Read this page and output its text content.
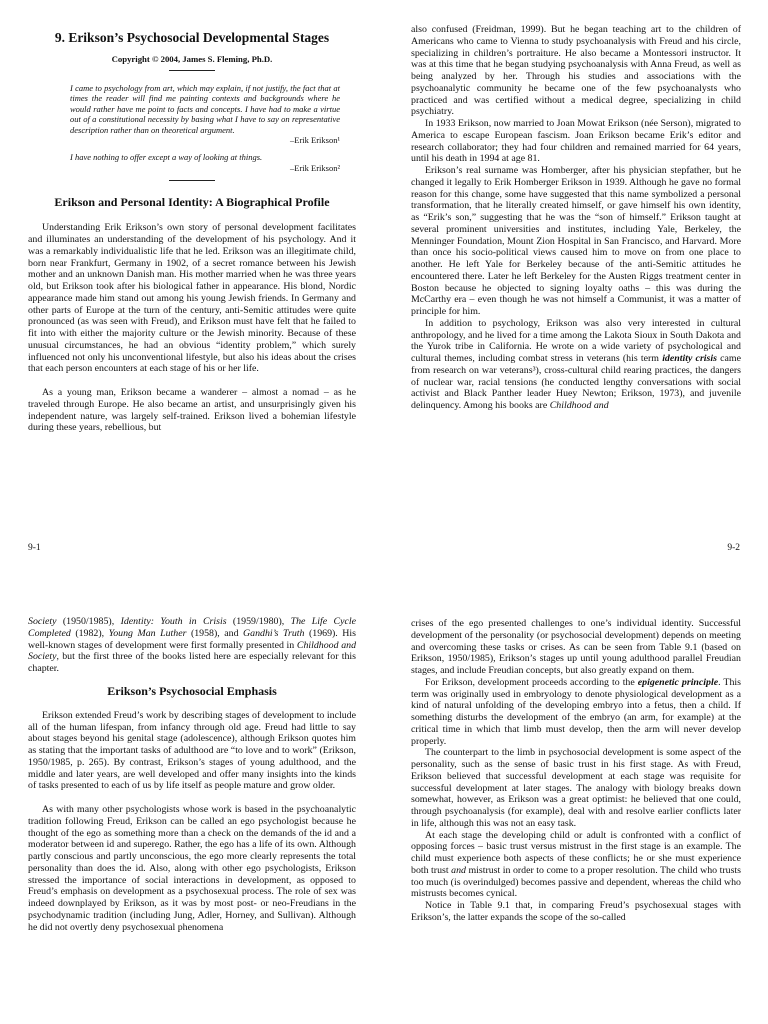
9. Erikson’s Psychosocial Developmental Stages
Copyright © 2004, James S. Fleming, Ph.D.

I came to psychology from art, which may explain, if not justify, the fact that at times the reader will find me painting contexts and backgrounds where he would rather have me point to facts and concepts. I have had to make a virtue out of a constitutional necessity by basing what I have to say on representative description rather than on theoretical argument.

–Erik Erikson¹

I have nothing to offer except a way of looking at things.

–Erik Erikson²
Erikson and Personal Identity: A Biographical Profile

Understanding Erik Erikson’s own story of personal development facilitates and illuminates an understanding of the development of his psychology. And it was a remarkably individualistic life that he led. Erikson was an illegitimate child, born near Frankfurt, Germany in 1902, of a secret romance between his Jewish mother and an unknown Danish man. His mother married when he was three years old, but Erikson took after his biological father in appearance. His blond, Nordic appearance made him stand out among his young Jewish friends. In Germany and other parts of Europe at the turn of the century, anti-Semitic attitudes were quite pronounced (as was seen with Freud), and Erikson must have felt that he failed to fit into with either the majority culture or the Jewish minority. Because of these unusual circumstances, he had an obvious “identity problem,” which surely influenced not only his unconventional lifestyle, but also his ideas about the crises that each person encounters at each stage of his or her life.

As a young man, Erikson became a wanderer – almost a nomad – as he traveled through Europe. He also became an artist, and unsurprisingly given his independent nature, was largely self-trained. Erikson lived a bohemian lifestyle during these years, rebellious, but

9-1

also confused (Freidman, 1999). But he began teaching art to the children of Americans who came to Vienna to study psychoanalysis with Freud and his circle, specializing in children’s portraiture. He also became a Montessori instructor. It was at this time that he began studying psychoanalysis with Anna Freud, as well as being analyzed by her. Through his studies and associations with the psychoanalytic community he became one of the few psychoanalysts who practiced and was certified without a medical degree, specializing in child psychiatry.

In 1933 Erikson, now married to Joan Mowat Erikson (née Serson), migrated to America to escape European fascism. Joan Erikson became Erik’s editor and research collaborator; they had four children and remained married for 64 years, until his death in 1994 at age 81.

Erikson’s real surname was Homberger, after his physician stepfather, but he changed it legally to Erik Homberger Erikson in 1939. Although he gave no formal reason for this change, some have suggested that this name symbolized a personal transformation, that he literally created himself, or gave himself his own identity, as “Erik’s son,” suggesting that he was the “son of himself.” Erikson taught at several prominent universities and institutes, including Yale, Berkeley, the Menninger Foundation, Mount Zion Hospital in San Francisco, and Harvard. More than once his socio-political views caused him to move on from one place to another. He left Yale for Berkeley because of the anti-Semitic attitudes he encountered there. Later he left Berkeley for the Austen Riggs treatment center in Boston because he objected to signing loyalty oaths – this was during the McCarthy era – even though he was not himself a Communist, it was a matter of principle for him.

In addition to psychology, Erikson was also very interested in cultural anthropology, and he lived for a time among the Lakota Sioux in South Dakota and the Yurok tribe in California. He wrote on a wide variety of psychological and cultural themes, including combat stress in veterans (his term identity crisis came from research on war veterans³), cross-cultural child rearing practices, the dangers of nuclear war, racial tensions (he conducted lengthy conversations with social activist and Black Panther leader Huey Newton; Erikson, 1973), and juvenile delinquency. Among his books are Childhood and

9-2

Society (1950/1985), Identity: Youth in Crisis (1959/1980), The Life Cycle Completed (1982), Young Man Luther (1958), and Gandhi’s Truth (1969). His well-known stages of development were first formally presented in Childhood and Society, but the first three of the books listed here are especially relevant for this chapter.

Erikson’s Psychosocial Emphasis

Erikson extended Freud’s work by describing stages of development to include all of the human lifespan, from infancy through old age. Freud had little to say about stages beyond his genital stage (adolescence), although Erikson quotes him as stating that the important tasks of adulthood are “to love and to work” (Erikson, 1950/1985, p. 265). By contrast, Erikson’s stages of young adulthood, and the middle and later years, are well developed and offer many insights into the kinds of tasks presented to each of us by life itself as people mature and grow older.

As with many other psychologists whose work is based in the psychoanalytic tradition following Freud, Erikson can be called an ego psychologist because he thought of the ego as something more than a check on the demands of the id and a moderator between id and superego. Rather, the ego has a life of its own. Although partly conscious and partly unconscious, the ego more clearly represents the total personality than does the id. Also, along with other ego psychologists, Erikson stressed the importance of social interactions in development, as opposed to Freud’s emphasis on development as a psychosexual process. The role of sex was indeed downplayed by Erikson, as it was by most post- or neo-Freudians in the psychodynamic tradition (including Jung, Adler, Horney, and Sullivan). Although he did not overtly deny psychosexual phenomena

crises of the ego presented challenges to one’s individual identity. Successful development of the personality (or psychosocial development) depends on meeting and overcoming these tasks or crises. As can be seen from Table 9.1 (based on Erikson, 1950/1985), Erikson’s stages up until young adulthood parallel Freudian stages, and include Freudian concepts, but also greatly expand on them.

For Erikson, development proceeds according to the epigenetic principle. This term was originally used in embryology to denote physiological development as a kind of natural unfolding of the developing embryo into a fetus, then a child. If something disturbs the development of the embryo (an arm, for example) at the critical time in which that limb must develop, then the arm will never develop properly.

The counterpart to the limb in psychosocial development is some aspect of the personality, such as the sense of basic trust in his first stage. As with Freud, Erikson believed that successful development at each stage was requisite for successful development at later stages. The analogy with biology breaks down somewhat, however, as Erikson was a great optimist: he believed that one could, through psychoanalysis (for example), deal with and resolve earlier conflicts later in life, although this was not an easy task.

At each stage the developing child or adult is confronted with a conflict of opposing forces – basic trust versus mistrust in the first stage is an example. The child must experience both aspects of these conflicts; he or she must experience both trust and mistrust in order to come to a proper resolution. The child who trusts too much (is overindulged) becomes passive and dependent, whereas the child who mistrusts becomes cynical.

Notice in Table 9.1 that, in comparing Freud’s psychosexual stages with Erikson’s, the latter expands the scope of the so-called
